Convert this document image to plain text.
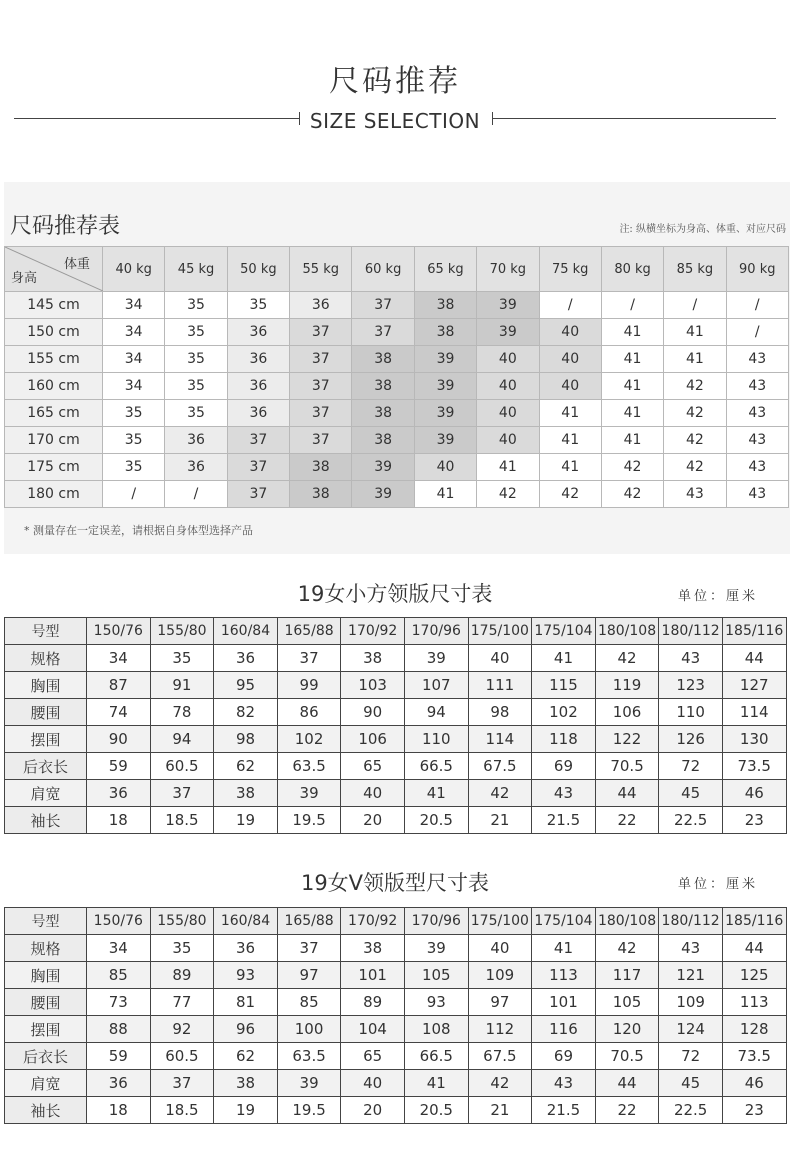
尺码推荐
SIZE SELECTION
尺码推荐表	注: 纵横坐标为身高、体重、对应尺码
体重
身高	40 kg	45 kg	50 kg	55 kg	60 kg	65 kg	70 kg	75 kg	80 kg	85 kg	90 kg
145 cm	34	35	35	36	37	38	39	/	/	/	/
150 cm	34	35	36	37	37	38	39	40	41	41	/
155 cm	34	35	36	37	38	39	40	40	41	41	43
160 cm	34	35	36	37	38	39	40	40	41	42	43
165 cm	35	35	36	37	38	39	40	41	41	42	43
170 cm	35	36	37	37	38	39	40	41	41	42	43
175 cm	35	36	37	38	39	40	41	41	42	42	43
180 cm	/	/	37	38	39	41	42	42	42	43	43
* 测量存在一定误差，请根据自身体型选择产品
19女小方领版尺寸表	单位：厘米
号型	150/76	155/80	160/84	165/88	170/92	170/96	175/100	175/104	180/108	180/112	185/116
规格	34	35	36	37	38	39	40	41	42	43	44
胸围	87	91	95	99	103	107	111	115	119	123	127
腰围	74	78	82	86	90	94	98	102	106	110	114
摆围	90	94	98	102	106	110	114	118	122	126	130
后衣长	59	60.5	62	63.5	65	66.5	67.5	69	70.5	72	73.5
肩宽	36	37	38	39	40	41	42	43	44	45	46
袖长	18	18.5	19	19.5	20	20.5	21	21.5	22	22.5	23
19女V领版型尺寸表	单位：厘米
号型	150/76	155/80	160/84	165/88	170/92	170/96	175/100	175/104	180/108	180/112	185/116
规格	34	35	36	37	38	39	40	41	42	43	44
胸围	85	89	93	97	101	105	109	113	117	121	125
腰围	73	77	81	85	89	93	97	101	105	109	113
摆围	88	92	96	100	104	108	112	116	120	124	128
后衣长	59	60.5	62	63.5	65	66.5	67.5	69	70.5	72	73.5
肩宽	36	37	38	39	40	41	42	43	44	45	46
袖长	18	18.5	19	19.5	20	20.5	21	21.5	22	22.5	23
